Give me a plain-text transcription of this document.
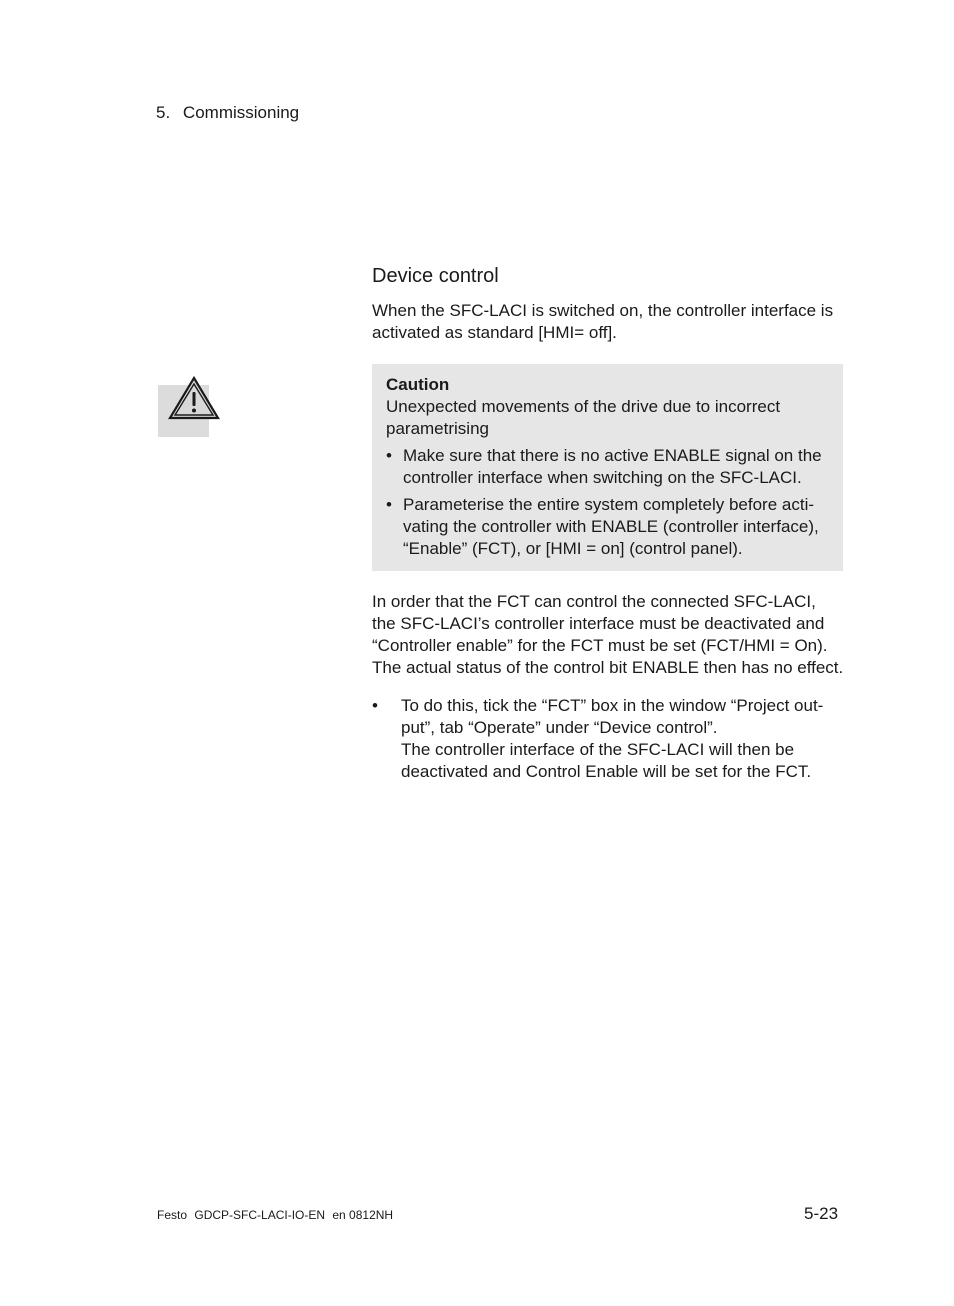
5. Commissioning
Device control

When the SFC-LACI is switched on, the controller interface is
activated as standard [HMI= off].

Caution
Unexpected movements of the drive due to incorrect
parametrising
• Make sure that there is no active ENABLE signal on the
controller interface when switching on the SFC-LACI.
• Parameterise the entire system completely before acti-
vating the controller with ENABLE (controller interface),
“Enable” (FCT), or [HMI = on] (control panel).

In order that the FCT can control the connected SFC-LACI,
the SFC-LACI’s controller interface must be deactivated and
“Controller enable” for the FCT must be set (FCT/HMI = On).
The actual status of the control bit ENABLE then has no effect.

• To do this, tick the “FCT” box in the window “Project out-
put”, tab “Operate” under “Device control”.
The controller interface of the SFC-LACI will then be
deactivated and Control Enable will be set for the FCT.
Festo GDCP-SFC-LACI-IO-EN en 0812NH	5-23
